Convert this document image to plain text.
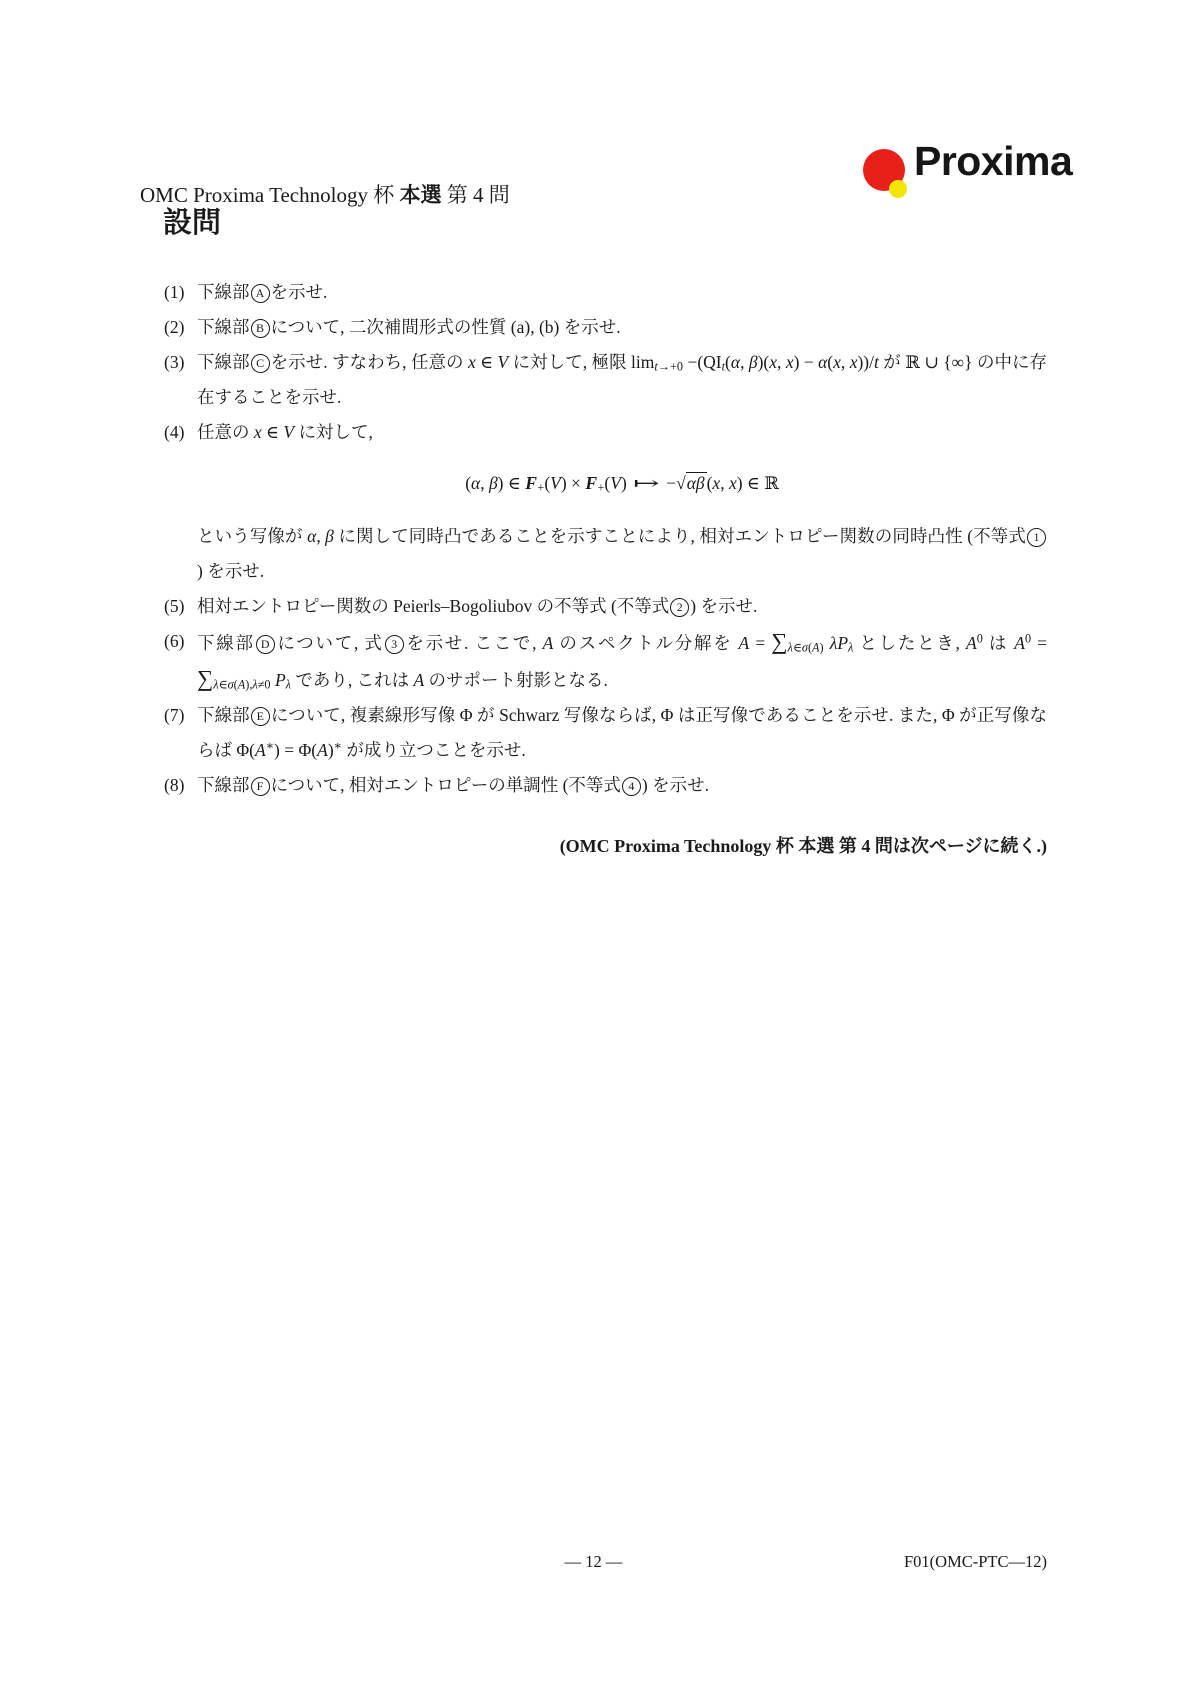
OMC Proxima Technology 杯 本選 第 4 問
Proxima
設問
(1) 下線部 A を示せ.
(2) 下線部 B について, 二次補間形式の性質 (a), (b) を示せ.
(3) 下線部 C を示せ. すなわち, 任意の x ∈ V に対して, 極限 $\lim_{t\to+0} -(QI_t(\alpha$, β)(x, x) − α(x, x))/t が ℝ ∪ {∞} の中に存在することを示せ.
(4) 任意の x ∈ V に対して,
(α, β) ∈ $F_+(V) \times F_+(V)$ ↦ −√αβ (x, x) ∈ ℝ
という写像が α, β に関して同時凸であることを示すことにより, 相対エントロピー関数の同時凸性 (不等式 1) を示せ.
(5) 相対エントロピー関数の Peierls–Bogoliubov の不等式 (不等式 2 ) を示せ.
(6) 下線部 D について, 式 3 を示せ. ここで, A のスペクトル分解を $A = \sum_{\lambda\in\sigma(A)}$ $\lambda P_\lambda$ としたとき, $A^0$ は $A^0 = \sum_{\lambda\in\sigma(A),\lambda\ne 0}$ $P_\lambda$ であり, これは A のサポート射影となる.
(7) 下線部 E について, 複素線形写像 Φ が Schwarz 写像ならば, Φ は正写像であることを示せ. また, Φ が正写像ならば Φ(A∗) = Φ(A)∗ が成り立つことを示せ.
(8) 下線部 F について, 相対エントロピーの単調性 (不等式 4 ) を示せ.
(OMC Proxima Technology 杯 本選 第 4 問は次ページに続く.)
— 12 —	F01(OMC-PTC—12)
